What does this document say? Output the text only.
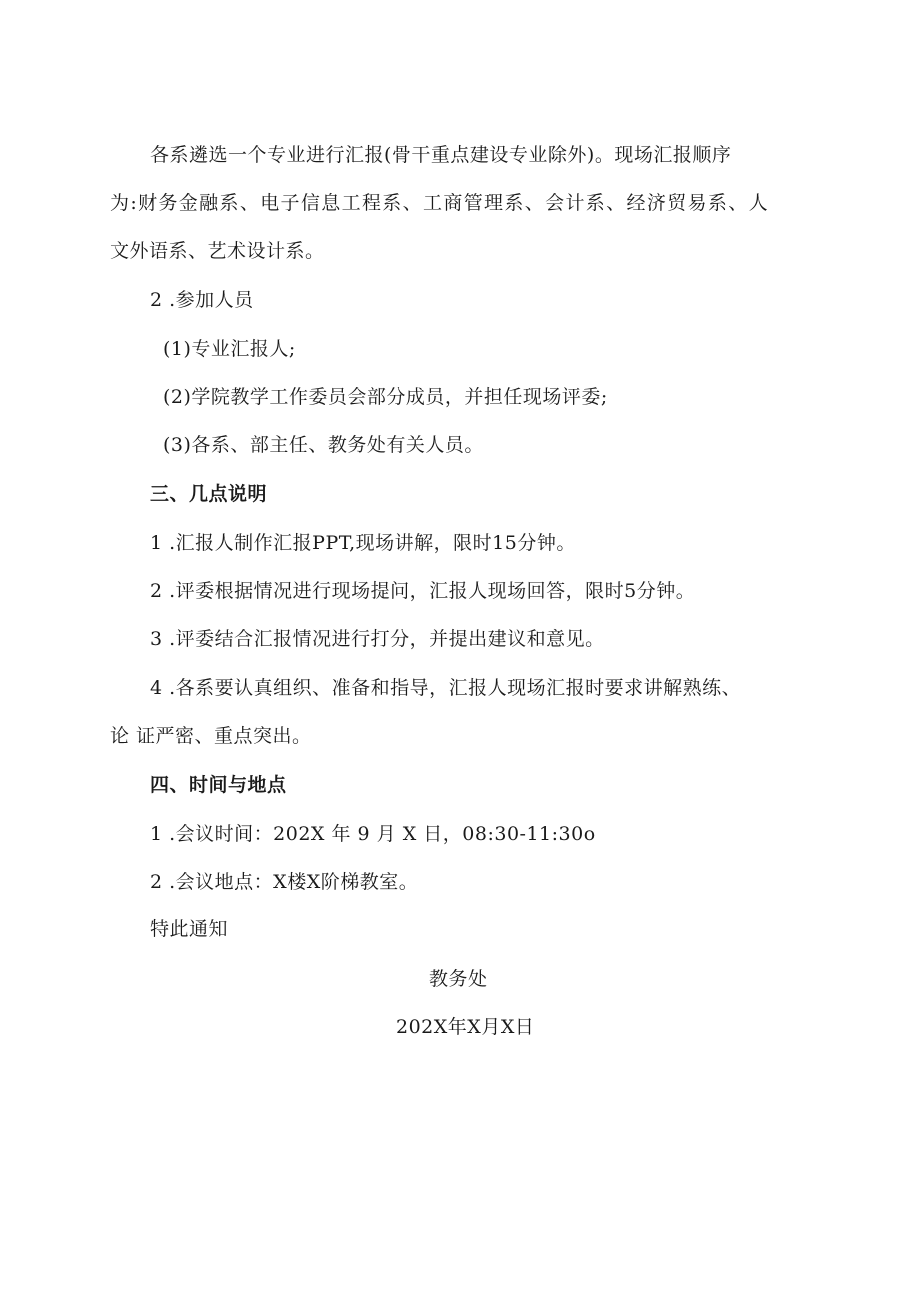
各系遴选一个专业进行汇报(骨干重点建设专业除外)。现场汇报顺序
为:财务金融系、电子信息工程系、工商管理系、会计系、经济贸易系、人
文外语系、艺术设计系。
2 .参加人员
(1)专业汇报人;
(2)学院教学工作委员会部分成员，并担任现场评委;
(3)各系、部主任、教务处有关人员。
三、几点说明
1 .汇报人制作汇报PPT,现场讲解，限时15分钟。
2 .评委根据情况进行现场提问，汇报人现场回答，限时5分钟。
3 .评委结合汇报情况进行打分，并提出建议和意见。
4 .各系要认真组织、准备和指导，汇报人现场汇报时要求讲解熟练、
论 证严密、重点突出。
四、时间与地点
1 .会议时间：202X 年 9 月 X 日，08:30-11:30o
2 .会议地点：X楼X阶梯教室。
特此通知
教务处
202X年X月X日
